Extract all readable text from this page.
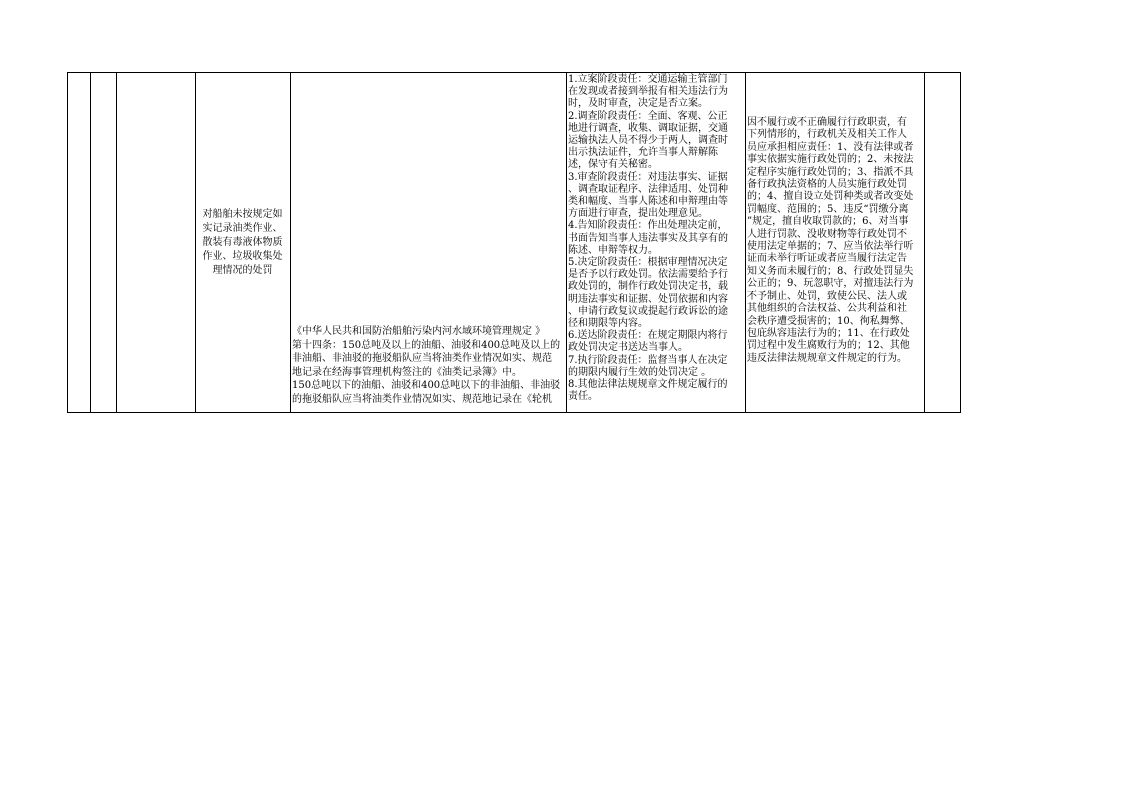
对船舶未按规定如实记录油类作业、散装有毒液体物质作业、垃圾收集处理情况的处罚
《中华人民共和国防治船舶污染内河水域环境管理规定 》
第十四条：150总吨及以上的油船、油驳和400总吨及以上的
非油船、非油驳的拖驳船队应当将油类作业情况如实、规范
地记录在经海事管理机构签注的《油类记录簿》中。
150总吨以下的油船、油驳和400总吨以下的非油船、非油驳
的拖驳船队应当将油类作业情况如实、规范地记录在《轮机
1.立案阶段责任：交通运输主管部门
在发现或者接到举报有相关违法行为
时，及时审查，决定是否立案。
2.调查阶段责任：全面、客观、公正
地进行调查，收集、调取证据，交通
运输执法人员不得少于两人，调查时
出示执法证件，允许当事人辩解陈
述，保守有关秘密。
3.审查阶段责任：对违法事实、证据
、调查取证程序、法律适用、处罚种
类和幅度、当事人陈述和申辩理由等
方面进行审查，提出处理意见。
4.告知阶段责任：作出处理决定前，
书面告知当事人违法事实及其享有的
陈述、申辩等权力。
5.决定阶段责任：根据审理情况决定
是否予以行政处罚。依法需要给予行
政处罚的，制作行政处罚决定书，载
明违法事实和证据、处罚依据和内容
、申请行政复议或提起行政诉讼的途
径和期限等内容。
6.送达阶段责任：在规定期限内将行
政处罚决定书送达当事人。
7.执行阶段责任：监督当事人在决定
的期限内履行生效的处罚决定 。
8.其他法律法规规章文件规定履行的
责任。
因不履行或不正确履行行政职责，有
下列情形的，行政机关及相关工作人
员应承担相应责任：1、没有法律或者
事实依据实施行政处罚的；2、未按法
定程序实施行政处罚的；3、指派不具
备行政执法资格的人员实施行政处罚
的；4、擅自设立处罚种类或者改变处
罚幅度、范围的；5、违反“罚缴分离
”规定，擅自收取罚款的；6、对当事
人进行罚款、没收财物等行政处罚不
使用法定单据的；7、应当依法举行听
证而未举行听证或者应当履行法定告
知义务而未履行的；8、行政处罚显失
公正的；9、玩忽职守，对擅违法行为
不予制止、处罚，致使公民、法人或
其他组织的合法权益、公共利益和社
会秩序遭受损害的；10、徇私舞弊、
包庇纵容违法行为的；11、在行政处
罚过程中发生腐败行为的；12、其他
违反法律法规规章文件规定的行为。
